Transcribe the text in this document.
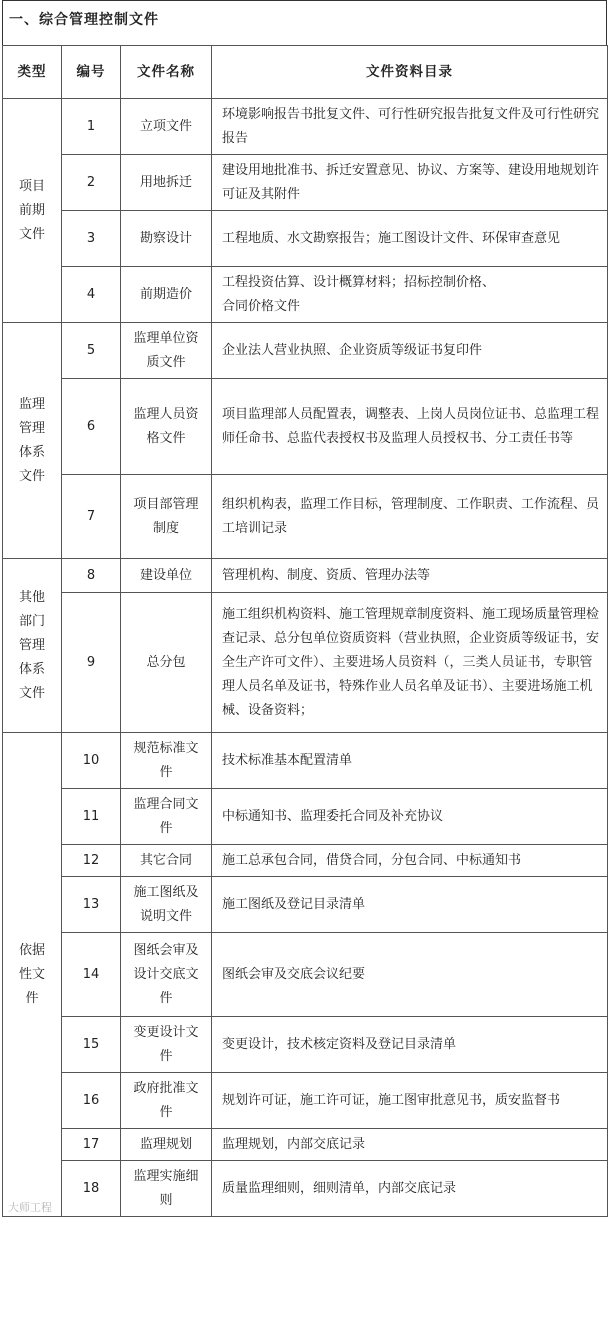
一、综合管理控制文件
类型	编号	文件名称	文件资料目录
项目前期文件	1	立项文件	环境影响报告书批复文件、可行性研究报告批复文件及可行性研究报告
	2	用地拆迁	建设用地批准书、拆迁安置意见、协议、方案等、建设用地规划许可证及其附件
	3	勘察设计	工程地质、水文勘察报告；施工图设计文件、环保审查意见
	4	前期造价	工程投资估算、设计概算材料；招标控制价格、
合同价格文件
监理管理体系文件	5	监理单位资质文件	企业法人营业执照、企业资质等级证书复印件
	6	监理人员资格文件	项目监理部人员配置表，调整表、上岗人员岗位证书、总监理工程师任命书、总监代表授权书及监理人员授权书、分工责任书等
	7	项目部管理制度	组织机构表，监理工作目标，管理制度、工作职责、工作流程、员工培训记录
其他部门管理体系文件	8	建设单位	管理机构、制度、资质、管理办法等
	9	总分包	施工组织机构资料、施工管理规章制度资料、施工现场质量管理检查记录、总分包单位资质资料（营业执照，企业资质等级证书，安全生产许可文件）、主要进场人员资料（，三类人员证书，专职管理人员名单及证书，特殊作业人员名单及证书）、主要进场施工机械、设备资料；
依据性文件	10	规范标准文件	技术标准基本配置清单
	11	监理合同文件	中标通知书、监理委托合同及补充协议
	12	其它合同	施工总承包合同，借贷合同，分包合同、中标通知书
	13	施工图纸及说明文件	施工图纸及登记目录清单
	14	图纸会审及设计交底文件	图纸会审及交底会议纪要
	15	变更设计文件	变更设计，技术核定资料及登记目录清单
	16	政府批准文件	规划许可证，施工许可证，施工图审批意见书，质安监督书
	17	监理规划	监理规划，内部交底记录
	18	监理实施细则	质量监理细则，细则清单，内部交底记录
大师工程
